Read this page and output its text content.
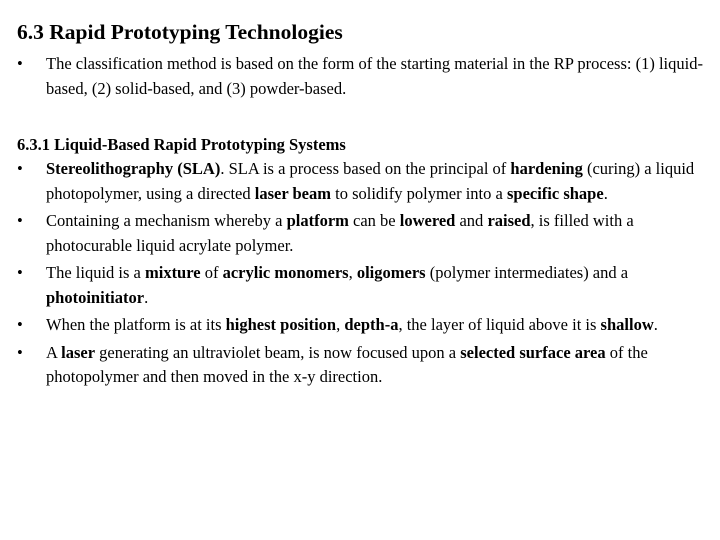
6.3 Rapid Prototyping Technologies
•	The classification method is based on the form of the starting material in the RP process: (1) liquid-based, (2) solid-based, and (3) powder-based.
6.3.1 Liquid-Based Rapid Prototyping Systems
•	Stereolithography (SLA). SLA is a process based on the principal of hardening (curing) a liquid photopolymer, using a directed laser beam to solidify polymer into a specific shape.
•	Containing a mechanism whereby a platform can be lowered and raised, is filled with a photocurable liquid acrylate polymer.
•	The liquid is a mixture of acrylic monomers, oligomers (polymer intermediates) and a photoinitiator.
•	When the platform is at its highest position, depth-a, the layer of liquid above it is shallow.
•	A laser generating an ultraviolet beam, is now focused upon a selected surface area of the photopolymer and then moved in the x-y direction.
